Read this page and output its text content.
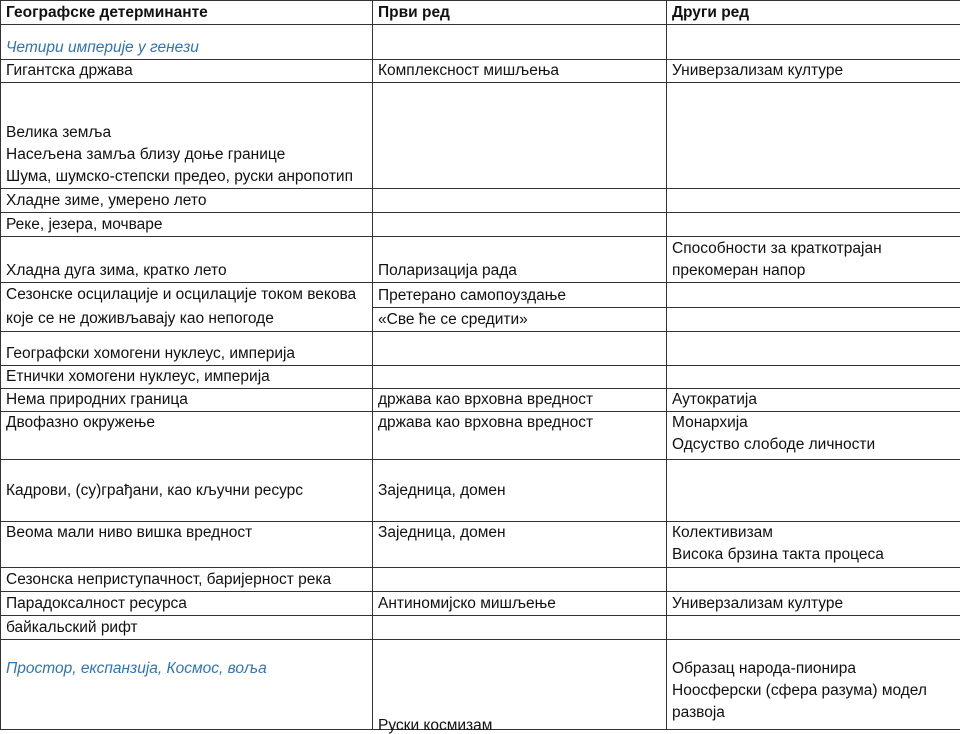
Географске детерминанте	Први ред	Други ред
Четири империје у генези		
Гигантска држава	Комплексност мишљења	Универзализам културе

Велика земља
Насељена замља близу доње границе
Шума, шумско-степски предео, руски анропотип		

Хладне зиме, умерено лето		
Реке, језера, мочваре		
Хладна дуга зима, кратко лето	Поларизација рада	Способности за краткотрајан прекомеран напор
Сезонске осцилације и осцилације током векова које се не доживљавају као непогоде	Претерано самопоуздање	
	«Све ће се средити»	
Географски хомогени нуклеус, империја		
Етнички хомогени нуклеус, империја		
Нема природних граница	држава као врховна вредност	Аутократија
Двофазно окружење	држава као врховна вредност	Монархија
Одсуство слободе личности

Кадрови, (су)грађани, као кључни ресурс	Заједница, домен	
Веома мали ниво вишка вредност	Заједница, домен	Колективизам
Висока брзина такта процеса

Сезонска неприступачност, баријерност река		
Парадоксалност ресурса	Антиномијско мишљење	Универзализам културе
байкальский рифт		
Простор, експанзија, Космос, воља	Руски космизам	Образац народа-пионира
Ноосферски (сфера разума) модел развоја
